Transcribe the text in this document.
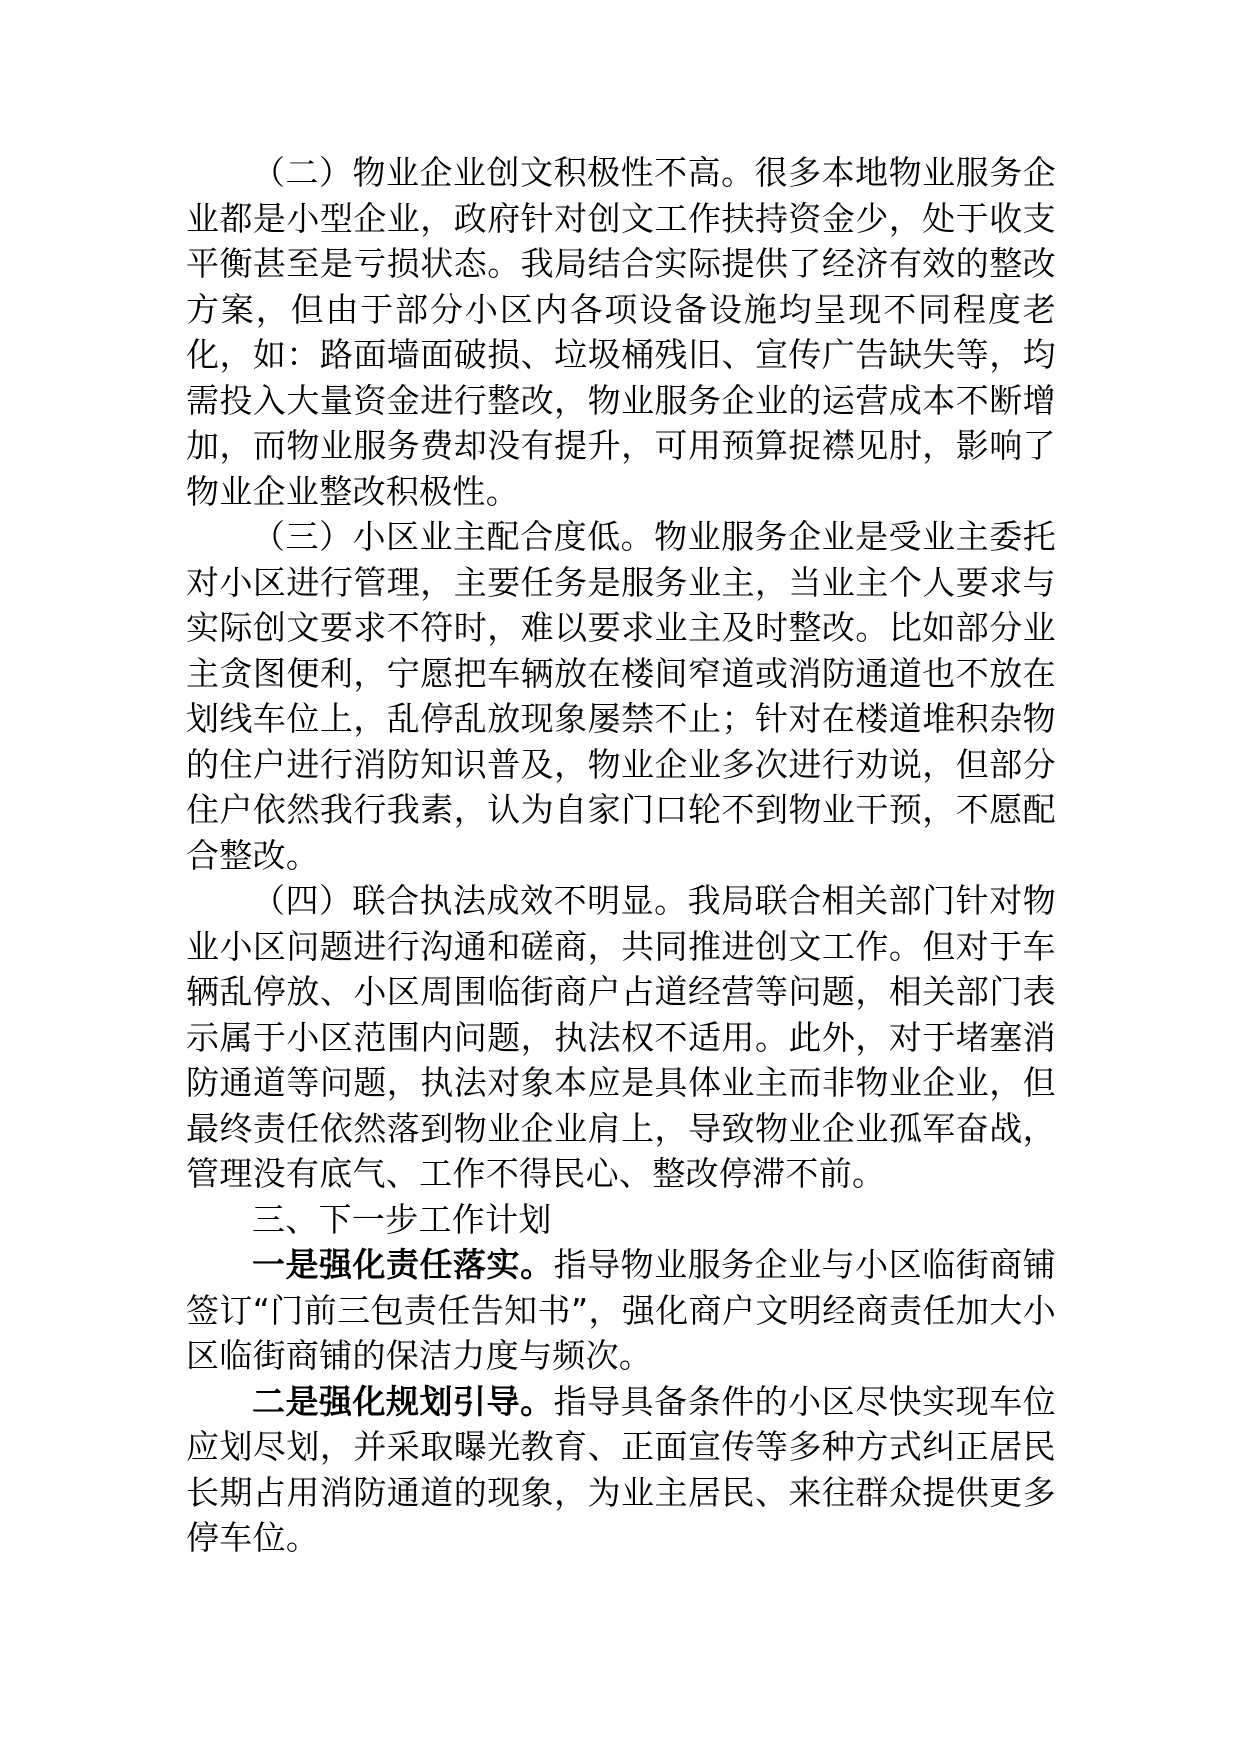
（二）物业企业创文积极性不高。很多本地物业服务企业都是小型企业，政府针对创文工作扶持资金少，处于收支平衡甚至是亏损状态。我局结合实际提供了经济有效的整改方案，但由于部分小区内各项设备设施均呈现不同程度老化，如：路面墙面破损、垃圾桶残旧、宣传广告缺失等，均需投入大量资金进行整改，物业服务企业的运营成本不断增加，而物业服务费却没有提升，可用预算捉襟见肘，影响了物业企业整改积极性。

（三）小区业主配合度低。物业服务企业是受业主委托对小区进行管理，主要任务是服务业主，当业主个人要求与实际创文要求不符时，难以要求业主及时整改。比如部分业主贪图便利，宁愿把车辆放在楼间窄道或消防通道也不放在划线车位上，乱停乱放现象屡禁不止；针对在楼道堆积杂物的住户进行消防知识普及，物业企业多次进行劝说，但部分住户依然我行我素，认为自家门口轮不到物业干预，不愿配合整改。

（四）联合执法成效不明显。我局联合相关部门针对物业小区问题进行沟通和磋商，共同推进创文工作。但对于车辆乱停放、小区周围临街商户占道经营等问题，相关部门表示属于小区范围内问题，执法权不适用。此外，对于堵塞消防通道等问题，执法对象本应是具体业主而非物业企业，但最终责任依然落到物业企业肩上，导致物业企业孤军奋战，管理没有底气、工作不得民心、整改停滞不前。

三、下一步工作计划

一是强化责任落实。指导物业服务企业与小区临街商铺签订“门前三包责任告知书”，强化商户文明经商责任加大小区临街商铺的保洁力度与频次。

二是强化规划引导。指导具备条件的小区尽快实现车位应划尽划，并采取曝光教育、正面宣传等多种方式纠正居民长期占用消防通道的现象，为业主居民、来往群众提供更多停车位。
